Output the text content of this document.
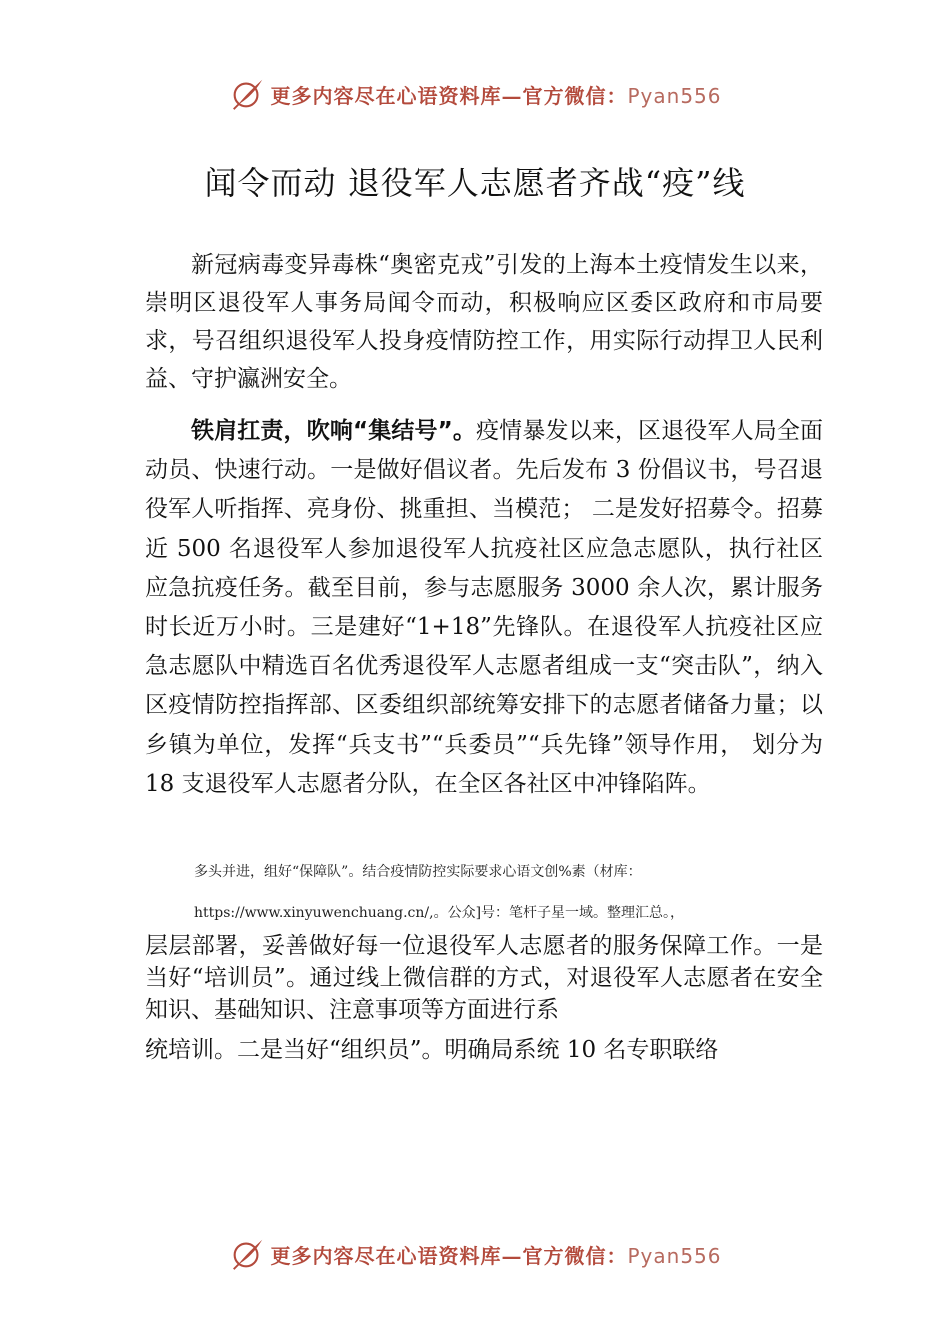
更多内容尽在心语资料库—官方微信：Pyan556
闻令而动 退役军人志愿者齐战“疫”线
新冠病毒变异毒株“奥密克戎”引发的上海本土疫情发生以来，崇明区退役军人事务局闻令而动，积极响应区委区政府和市局要求，号召组织退役军人投身疫情防控工作，用实际行动捍卫人民利益、守护瀛洲安全。
铁肩扛责，吹响“集结号”。疫情暴发以来，区退役军人局全面动员、快速行动。一是做好倡议者。先后发布 3 份倡议书，号召退役军人听指挥、亮身份、挑重担、当模范； 二是发好招募令。招募近 500 名退役军人参加退役军人抗疫社区应急志愿队，执行社区应急抗疫任务。截至目前，参与志愿服务 3000 余人次，累计服务时长近万小时。三是建好“1+18”先锋队。在退役军人抗疫社区应急志愿队中精选百名优秀退役军人志愿者组成一支“突击队”，纳入区疫情防控指挥部、区委组织部统筹安排下的志愿者储备力量；以乡镇为单位，发挥“兵支书”“兵委员”“兵先锋”领导作用， 划分为 18 支退役军人志愿者分队，在全区各社区中冲锋陷阵。
多头并进，组好“保障队”。结合疫情防控实际要求心语文创%素（材库：
https://www.xinyuwenchuang.cn/,。公众]号：笔杆子星一域。整理汇总。，
层层部署，妥善做好每一位退役军人志愿者的服务保障工作。一是当好“培训员”。通过线上微信群的方式，对退役军人志愿者在安全知识、基础知识、注意事项等方面进行系
统培训。二是当好“组织员”。明确局系统 10 名专职联络
更多内容尽在心语资料库—官方微信：Pyan556
